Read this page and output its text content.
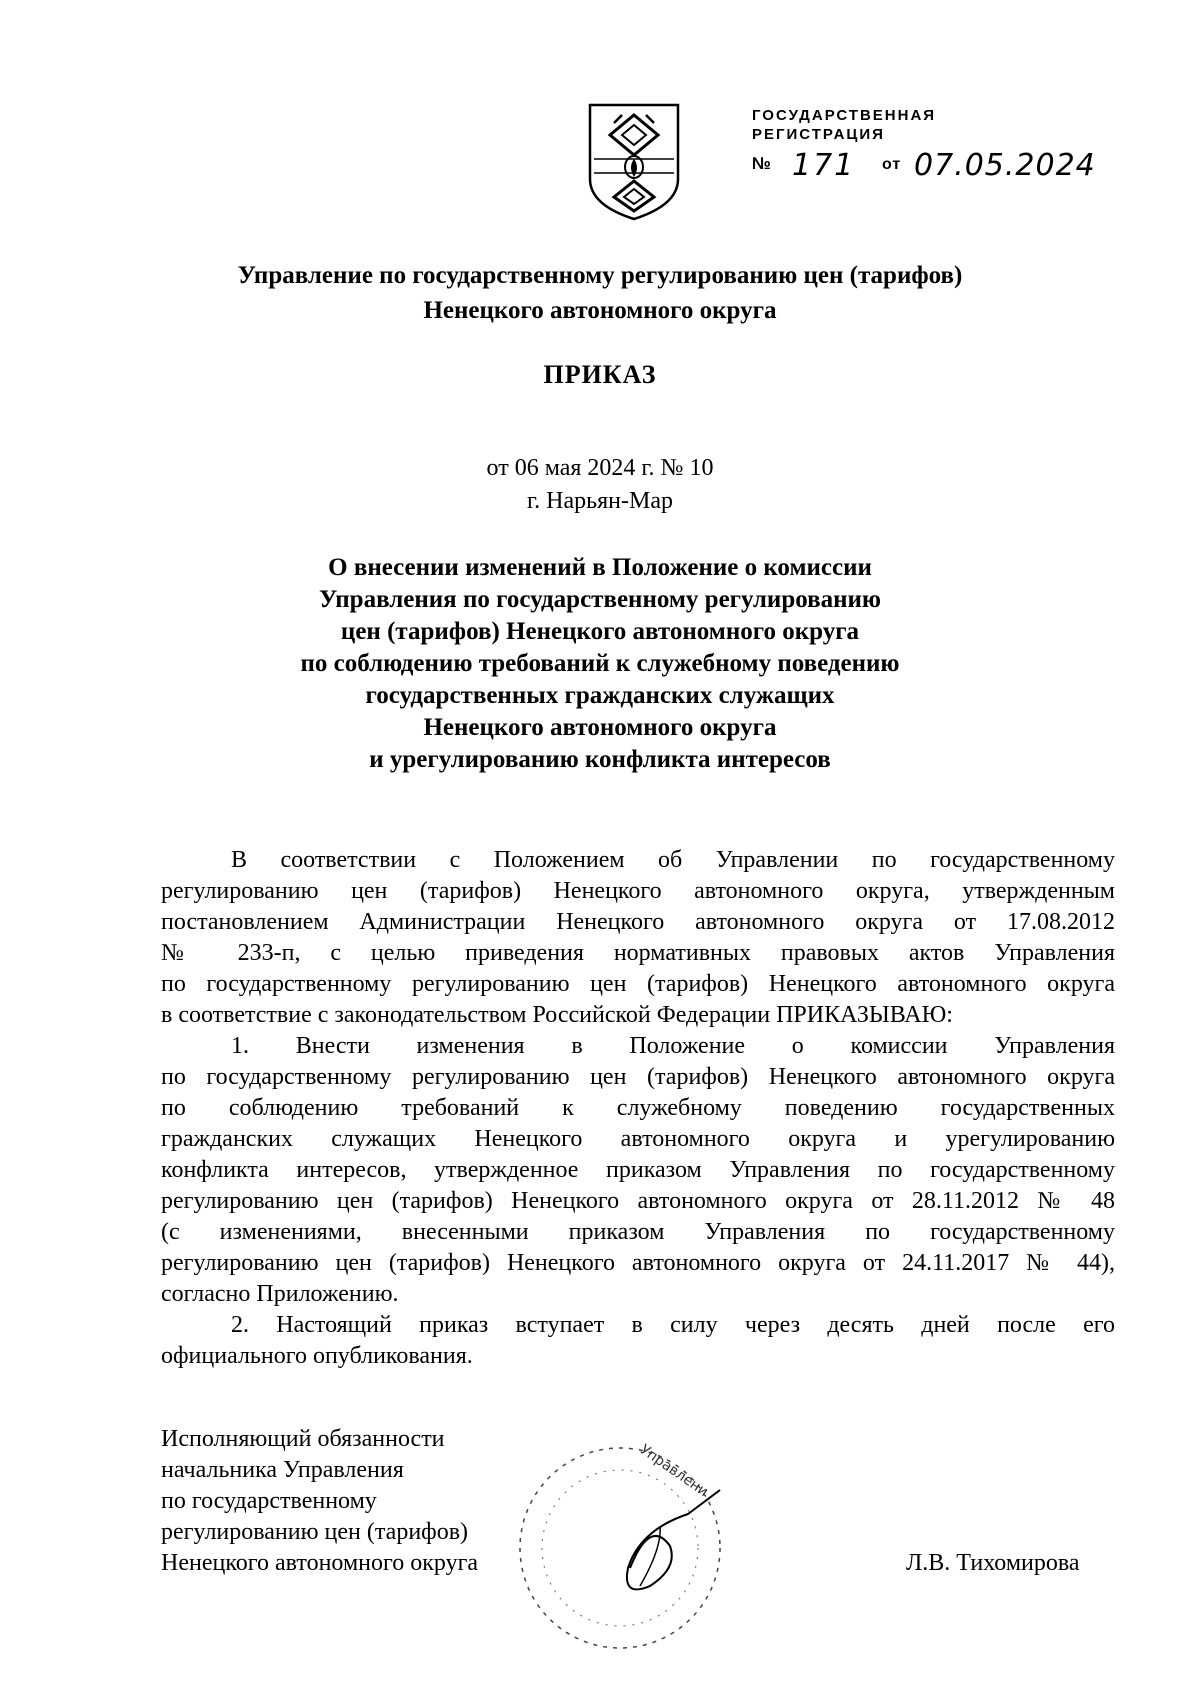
ГОСУДАРСТВЕННАЯ
РЕГИСТРАЦИЯ
№ 171 от 07.05.2024
Управление по государственному регулированию цен (тарифов)
Ненецкого автономного округа
ПРИКАЗ
от 06 мая 2024 г. № 10
г. Нарьян-Мар
О внесении изменений в Положение о комиссии
Управления по государственному регулированию
цен (тарифов) Ненецкого автономного округа
по соблюдению требований к служебному поведению
государственных гражданских служащих
Ненецкого автономного округа
и урегулированию конфликта интересов
В соответствии с Положением об Управлении по государственному
регулированию цен (тарифов) Ненецкого автономного округа, утвержденным
постановлением Администрации Ненецкого автономного округа от 17.08.2012
№ 233-п, с целью приведения нормативных правовых актов Управления
по государственному регулированию цен (тарифов) Ненецкого автономного округа
в соответствие с законодательством Российской Федерации ПРИКАЗЫВАЮ:
1. Внести изменения в Положение о комиссии Управления
по государственному регулированию цен (тарифов) Ненецкого автономного округа
по соблюдению требований к служебному поведению государственных
гражданских служащих Ненецкого автономного округа и урегулированию
конфликта интересов, утвержденное приказом Управления по государственному
регулированию цен (тарифов) Ненецкого автономного округа от 28.11.2012 № 48
(с изменениями, внесенными приказом Управления по государственному
регулированию цен (тарифов) Ненецкого автономного округа от 24.11.2017 № 44),
согласно Приложению.
2. Настоящий приказ вступает в силу через десять дней после его
официального опубликования.
Управлени
Исполняющий обязанности
начальника Управления
по государственному
регулированию цен (тарифов)
Ненецкого автономного округа	Л.В. Тихомирова
